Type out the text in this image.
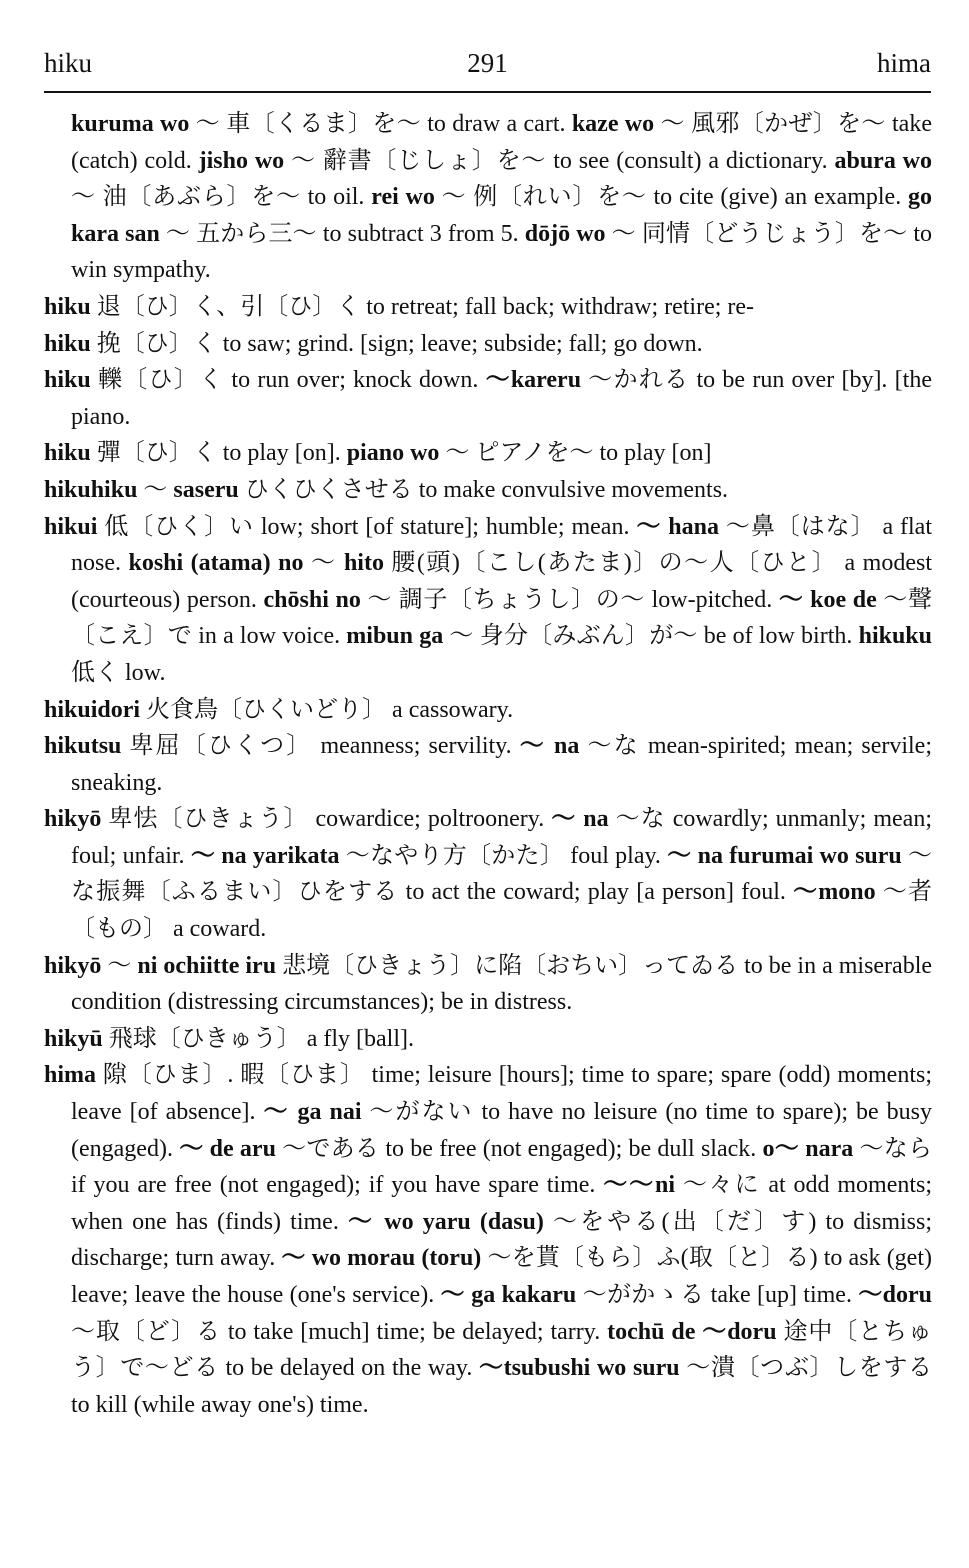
hiku	291	hima

kuruma wo ～ 車〔くるま〕を～ to draw a cart. kaze wo ～ 風邪〔かぜ〕を～ take (catch) cold. jisho wo ～ 辭書〔じしょ〕を～ to see (consult) a dictionary. abura wo ～ 油〔あぶら〕を～ to oil. rei wo ～ 例〔れい〕を～ to cite (give) an example. go kara san ～ 五から三～ to subtract 3 from 5. dōjō wo ～ 同情〔どうじょう〕を～ to win sympathy.

hiku 退〔ひ〕く、引〔ひ〕く to retreat; fall back; withdraw; retire; re-

hiku 挽〔ひ〕く to saw; grind. [sign; leave; subside; fall; go down.

hiku 轢〔ひ〕く to run over; knock down. ～kareru ～かれる to be run over [by]. [the piano.

hiku 彈〔ひ〕く to play [on]. piano wo ～ ピアノを～ to play [on]

hikuhiku ～ saseru ひくひくさせる to make convulsive movements.

hikui 低〔ひく〕い low; short [of stature]; humble; mean. ～ hana ～鼻〔はな〕 a flat nose. koshi (atama) no ～ hito 腰(頭)〔こし(あたま)〕の～人〔ひと〕 a modest (courteous) person. chōshi no ～ 調子〔ちょうし〕の～ low-pitched. ～ koe de ～聲〔こえ〕で in a low voice. mibun ga ～ 身分〔みぶん〕が～ be of low birth. hikuku 低く low.

hikuidori 火食鳥〔ひくいどり〕 a cassowary.

hikutsu 卑屈〔ひくつ〕 meanness; servility. ～ na ～な mean-spirited; mean; servile; sneaking.

hikyō 卑怯〔ひきょう〕 cowardice; poltroonery. ～ na ～な cowardly; unmanly; mean; foul; unfair. ～ na yarikata ～なやり方〔かた〕 foul play. ～ na furumai wo suru ～な振舞〔ふるまい〕ひをする to act the coward; play [a person] foul. ～mono ～者〔もの〕 a coward.

hikyō ～ ni ochiitte iru 悲境〔ひきょう〕に陷〔おちい〕ってゐる to be in a miserable condition (distressing circumstances); be in distress.

hikyū 飛球〔ひきゅう〕 a fly [ball].

hima 隙〔ひま〕. 暇〔ひま〕 time; leisure [hours]; time to spare; spare (odd) moments; leave [of absence]. ～ ga nai ～がない to have no leisure (no time to spare); be busy (engaged). ～ de aru ～である to be free (not engaged); be dull slack. o～ nara ～なら if you are free (not engaged); if you have spare time. ～～ni ～々に at odd moments; when one has (finds) time. ～ wo yaru (dasu) ～をやる(出〔だ〕す) to dismiss; discharge; turn away. ～ wo morau (toru) ～を貰〔もら〕ふ(取〔と〕る) to ask (get) leave; leave the house (one's service). ～ ga kakaru ～がかゝる take [up] time. ～doru ～取〔ど〕る to take [much] time; be delayed; tarry. tochū de ～doru 途中〔とちゅう〕で～どる to be delayed on the way. ～tsubushi wo suru ～潰〔つぶ〕しをする to kill (while away one's) time.
